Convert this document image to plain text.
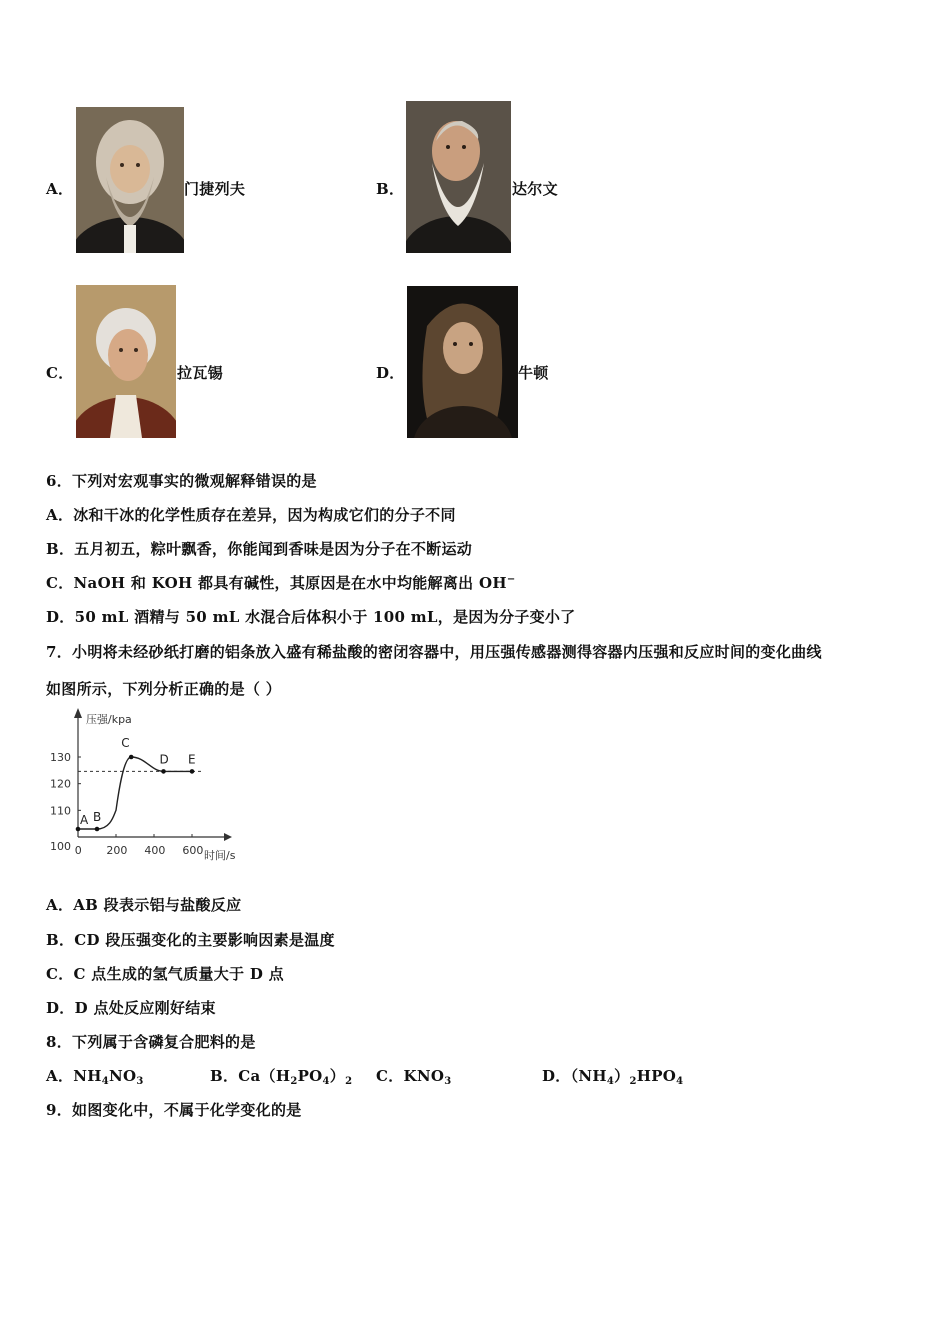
A．	门捷列夫	B．	达尔文
C．	拉瓦锡	D．	牛顿
6．下列对宏观事实的微观解释错误的是
A．冰和干冰的化学性质存在差异，因为构成它们的分子不同
B．五月初五，粽叶飘香，你能闻到香味是因为分子在不断运动
C．NaOH 和 KOH 都具有碱性，其原因是在水中均能解离出 OH−
D．50 mL 酒精与 50 mL 水混合后体积小于 100 mL，是因为分子变小了
7．小明将未经砂纸打磨的铝条放入盛有稀盐酸的密闭容器中，用压强传感器测得容器内压强和反应时间的变化曲线
如图所示，下列分析正确的是（ ）
压强/kpa
时间/s
110
120
130
100 0 200 400 600
A B
C
D E
A．AB 段表示铝与盐酸反应
B．CD 段压强变化的主要影响因素是温度
C．C 点生成的氢气质量大于 D 点
D．D 点处反应刚好结束
8．下列属于含磷复合肥料的是
A．$NH_4NO_3$	B．$Ca(H_2PO_4)_2$ C．$KNO_3$	D．$(NH_4)_2HPO_4$
9．如图变化中，不属于化学变化的是
